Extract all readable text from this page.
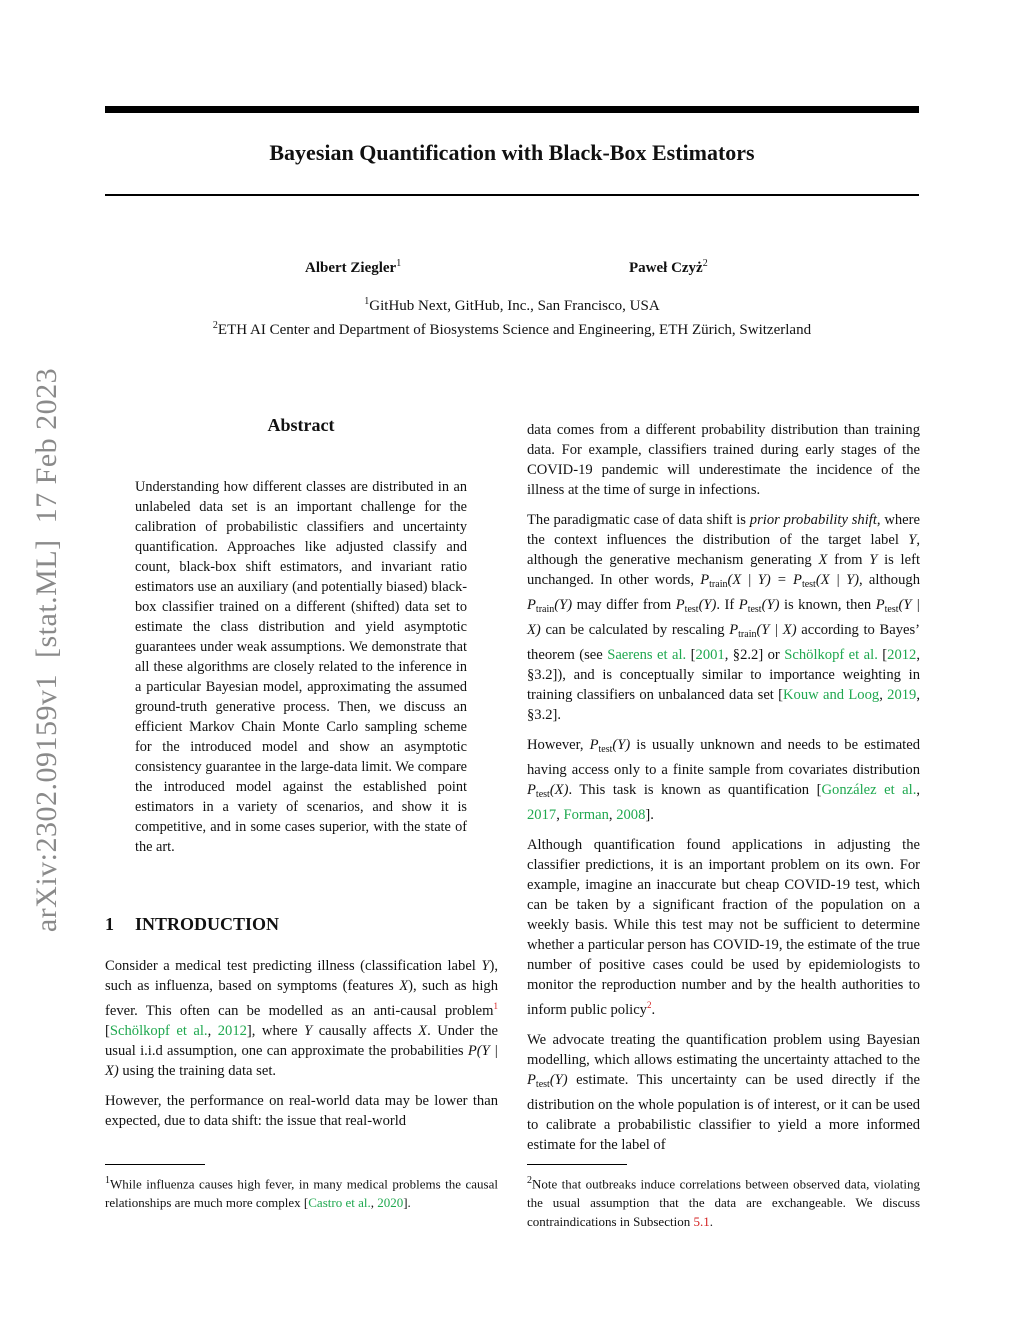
Bayesian Quantification with Black-Box Estimators
Albert Ziegler$^1$	Paweł Czyż$^2$
$^1$GitHub Next, GitHub, Inc., San Francisco, USA
$^2$ETH AI Center and Department of Biosystems Science and Engineering, ETH Zürich, Switzerland
arXiv:2302.09159v1  [stat.ML]  17 Feb 2023	Abstract
Understanding how different classes are distributed in an unlabeled data set is an important challenge for the calibration of probabilistic classifiers and uncertainty quantification. Approaches like adjusted classify and count, black-box shift estimators, and invariant ratio estimators use an auxiliary (and potentially biased) black-box classifier trained on a different (shifted) data set to estimate the class distribution and yield asymptotic guarantees under weak assumptions. We demonstrate that all these algorithms are closely related to the inference in a particular Bayesian model, approximating the assumed ground-truth generative process. Then, we discuss an efficient Markov Chain Monte Carlo sampling scheme for the introduced model and show an asymptotic consistency guarantee in the large-data limit. We compare the introduced model against the established point estimators in a variety of scenarios, and show it is competitive, and in some cases superior, with the state of the art.
1 INTRODUCTION

Consider a medical test predicting illness (classification label Y), such as influenza, based on symptoms (features X), such as high fever. This often can be modelled as an anti-causal problem$^1$ [Schölkopf et al., 2012], where Y causally affects X. Under the usual i.i.d assumption, one can approximate the probabilities P(Y | X) using the training data set.

However, the performance on real-world data may be lower than expected, due to data shift: the issue that real-world

data comes from a different probability distribution than training data. For example, classifiers trained during early stages of the COVID-19 pandemic will underestimate the incidence of the illness at the time of surge in infections.

The paradigmatic case of data shift is prior probability shift, where the context influences the distribution of the target label Y, although the generative mechanism generating X from Y is left unchanged. In other words, $P_{train}(X$ | $Y) = P_{test}(X$ | Y), although $P_{train}(Y)$ may differ from $P_{test}(Y)$. If $P_{test}(Y)$ is known, then $P_{test}(Y$ | X) can be calculated by rescaling $P_{train}(Y$ | X) according to Bayes’ theorem (see Saerens et al. [2001, §2.2] or Schölkopf et al. [2012, §3.2]), and is conceptually similar to importance weighting in training classifiers on unbalanced data set [Kouw and Loog, 2019, §3.2].

However, $P_{test}(Y)$ is usually unknown and needs to be estimated having access only to a finite sample from covariates distribution $P_{test}(X)$. This task is known as quantification [González et al., 2017, Forman, 2008].

Although quantification found applications in adjusting the classifier predictions, it is an important problem on its own. For example, imagine an inaccurate but cheap COVID-19 test, which can be taken by a significant fraction of the population on a weekly basis. While this test may not be sufficient to determine whether a particular person has COVID-19, the estimate of the true number of positive cases could be used by epidemiologists to monitor the reproduction number and by the health authorities to inform public policy$^2$.

We advocate treating the quantification problem using Bayesian modelling, which allows estimating the uncertainty attached to the $P_{test}(Y)$ estimate. This uncertainty can be used directly if the distribution on the whole population is of interest, or it can be used to calibrate a probabilistic classifier to yield a more informed estimate for the label of

$^1$While influenza causes high fever, in many medical problems the causal relationships are much more complex [Castro et al., 2020].
$^2$Note that outbreaks induce correlations between observed data, violating the usual assumption that the data are exchangeable. We discuss contraindications in Subsection 5.1.
